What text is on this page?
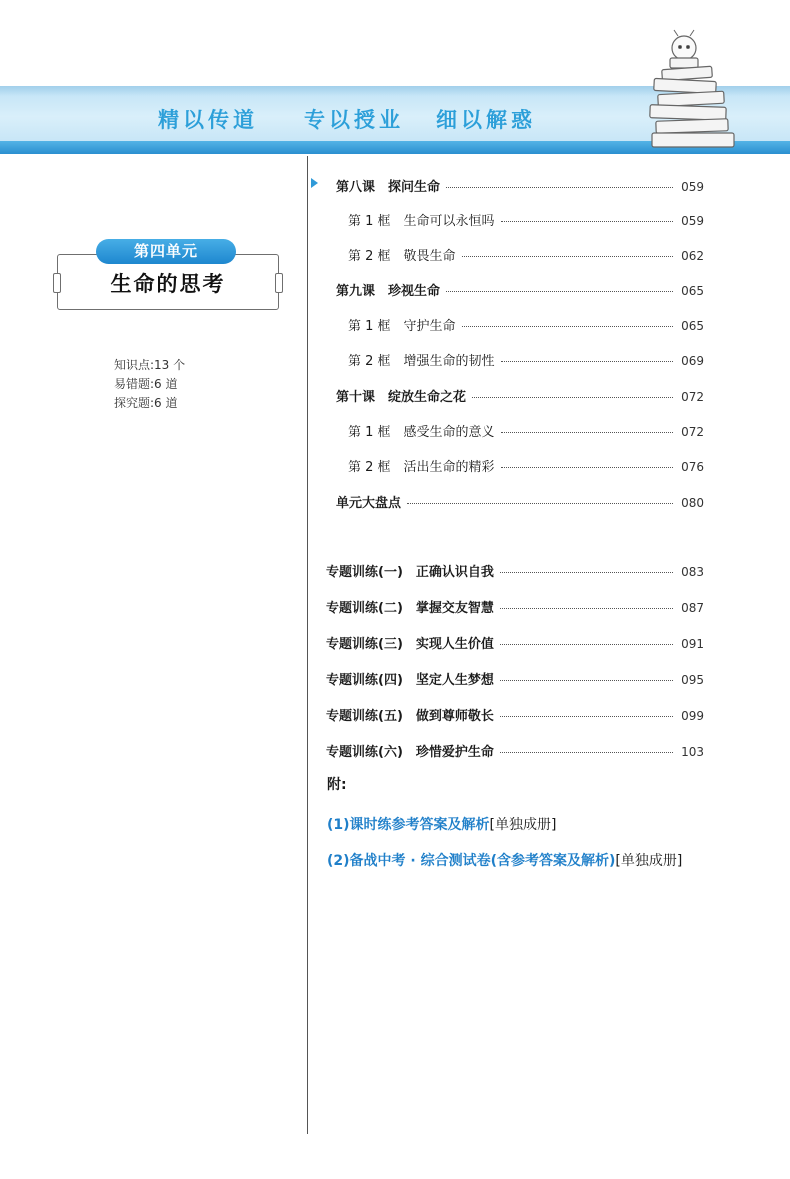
精以传道 专以授业 细以解惑
第四单元
生命的思考
知识点:13 个
易错题:6 道
探究题:6 道
第八课　探问生命	059
第 1 框　生命可以永恒吗	059
第 2 框　敬畏生命	062
第九课　珍视生命	065
第 1 框　守护生命	065
第 2 框　增强生命的韧性	069
第十课　绽放生命之花	072
第 1 框　感受生命的意义	072
第 2 框　活出生命的精彩	076
单元大盘点	080
专题训练(一)　正确认识自我	083
专题训练(二)　掌握交友智慧	087
专题训练(三)　实现人生价值	091
专题训练(四)　坚定人生梦想	095
专题训练(五)　做到尊师敬长	099
专题训练(六)　珍惜爱护生命	103
附:
(1)课时练参考答案及解析[单独成册]
(2)备战中考 · 综合测试卷(含参考答案及解析)[单独成册]
